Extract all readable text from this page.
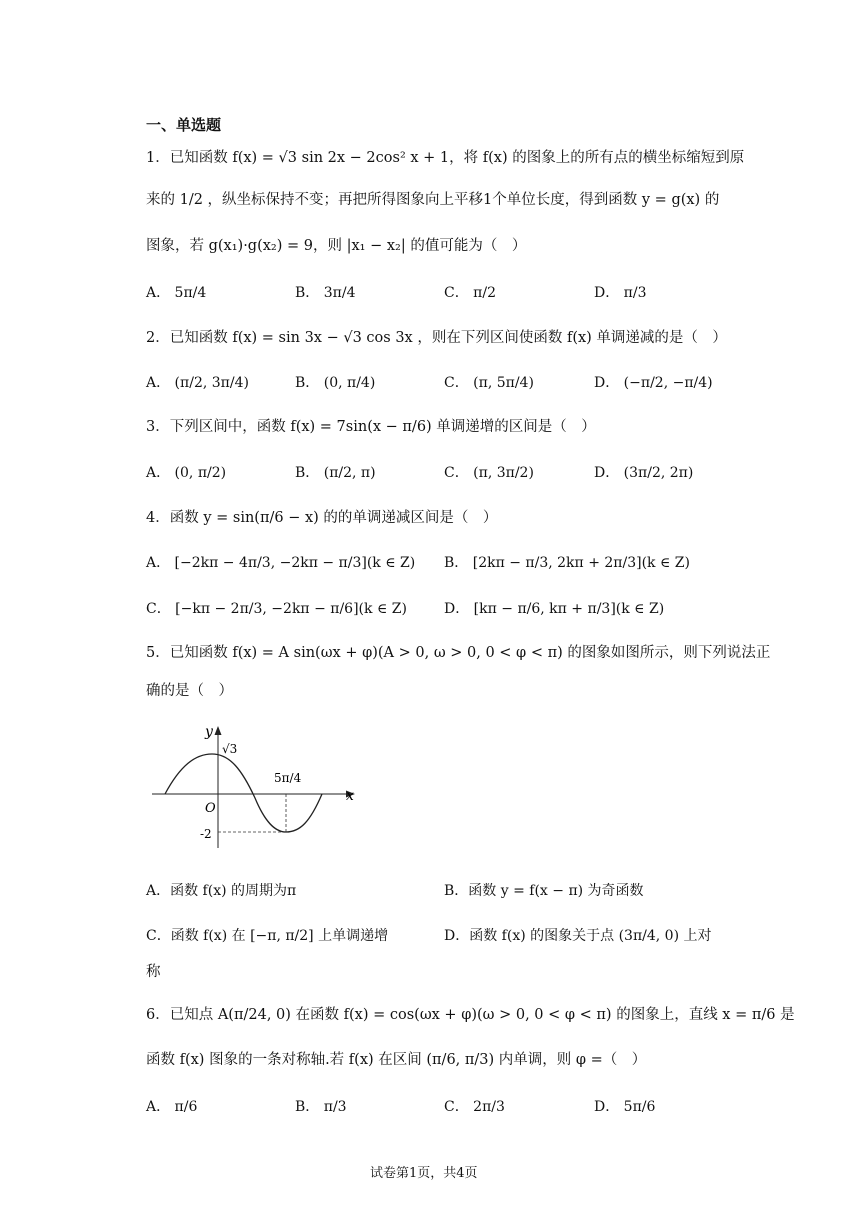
一、单选题
1．已知函数 f(x) = √3 sin 2x − 2cos² x + 1，将 f(x) 的图象上的所有点的横坐标缩短到原
来的 1/2 ，纵坐标保持不变；再把所得图象向上平移1个单位长度，得到函数 y = g(x) 的
图象，若 g(x₁)·g(x₂) = 9，则 |x₁ − x₂| 的值可能为（　）
A． 5π/4	B． 3π/4	C． π/2	D． π/3
2．已知函数 f(x) = sin 3x − √3 cos 3x ，则在下列区间使函数 f(x) 单调递减的是（　）
A． (π/2, 3π/4)	B． (0, π/4)	C． (π, 5π/4)	D． (−π/2, −π/4)
3．下列区间中，函数 f(x) = 7sin(x − π/6) 单调递增的区间是（　）
A． (0, π/2)	B． (π/2, π)	C． (π, 3π/2)	D． (3π/2, 2π)
4．函数 y = sin(π/6 − x) 的的单调递减区间是（　）
A． [−2kπ − 4π/3, −2kπ − π/3](k ∈ Z) B． [2kπ − π/3, 2kπ + 2π/3](k ∈ Z)
C． [−kπ − 2π/3, −2kπ − π/6](k ∈ Z)	D． [kπ − π/6, kπ + π/3](k ∈ Z)
5．已知函数 f(x) = A sin(ωx + φ)(A > 0, ω > 0, 0 < φ < π) 的图象如图所示，则下列说法正
确的是（　）
y
x
O
√3
-2
5π/4
A．函数 f(x) 的周期为π	B．函数 y = f(x − π) 为奇函数
C．函数 f(x) 在 [−π, π/2] 上单调递增	D．函数 f(x) 的图象关于点 (3π/4, 0) 上对
称
6．已知点 A(π/24, 0) 在函数 f(x) = cos(ωx + φ)(ω > 0, 0 < φ < π) 的图象上，直线 x = π/6 是
函数 f(x) 图象的一条对称轴.若 f(x) 在区间 (π/6, π/3) 内单调，则 φ =（　）
A． π/6	B． π/3	C． 2π/3	D． 5π/6
试卷第1页，共4页
